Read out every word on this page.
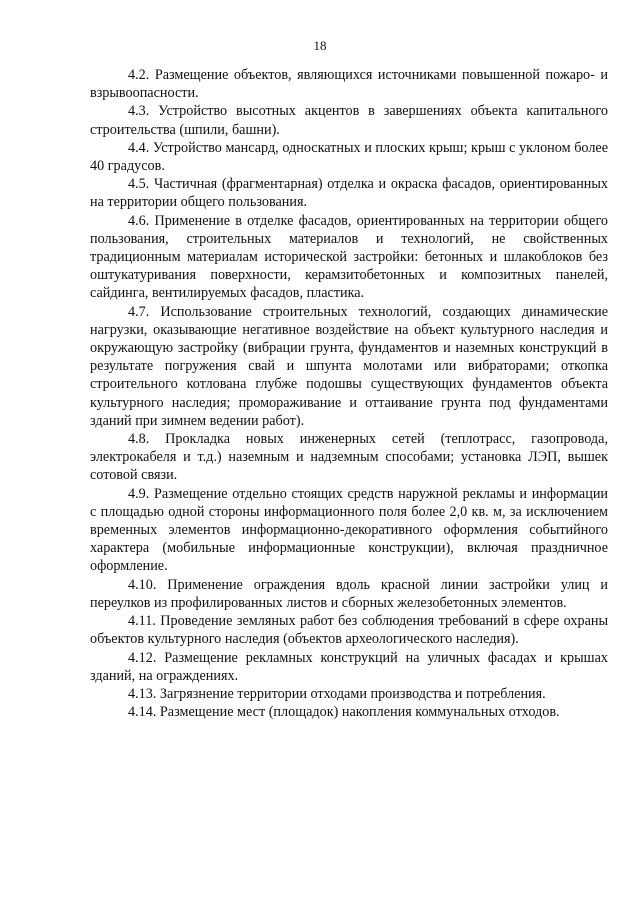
18

4.2. Размещение объектов, являющихся источниками повышенной пожаро- и взрывоопасности.

4.3. Устройство высотных акцентов в завершениях объекта капитального строительства (шпили, башни).

4.4. Устройство мансард, односкатных и плоских крыш; крыш с уклоном более 40 градусов.

4.5. Частичная (фрагментарная) отделка и окраска фасадов, ориентированных на территории общего пользования.

4.6. Применение в отделке фасадов, ориентированных на территории общего пользования, строительных материалов и технологий, не свойственных традиционным материалам исторической застройки: бетонных и шлакоблоков без оштукатуривания поверхности, керамзитобетонных и композитных панелей, сайдинга, вентилируемых фасадов, пластика.

4.7. Использование строительных технологий, создающих динамические нагрузки, оказывающие негативное воздействие на объект культурного наследия и окружающую застройку (вибрации грунта, фундаментов и наземных конструкций в результате погружения свай и шпунта молотами или вибраторами; откопка строительного котлована глубже подошвы существующих фундаментов объекта культурного наследия; промораживание и оттаивание грунта под фундаментами зданий при зимнем ведении работ).

4.8. Прокладка новых инженерных сетей (теплотрасс, газопровода, электрокабеля и т.д.) наземным и надземным способами; установка ЛЭП, вышек сотовой связи.

4.9. Размещение отдельно стоящих средств наружной рекламы и информации с площадью одной стороны информационного поля более 2,0 кв. м, за исключением временных элементов информационно-декоративного оформления событийного характера (мобильные информационные конструкции), включая праздничное оформление.

4.10. Применение ограждения вдоль красной линии застройки улиц и переулков из профилированных листов и сборных железобетонных элементов.

4.11. Проведение земляных работ без соблюдения требований в сфере охраны объектов культурного наследия (объектов археологического наследия).

4.12. Размещение рекламных конструкций на уличных фасадах и крышах зданий, на ограждениях.

4.13. Загрязнение территории отходами производства и потребления.

4.14. Размещение мест (площадок) накопления коммунальных отходов.
